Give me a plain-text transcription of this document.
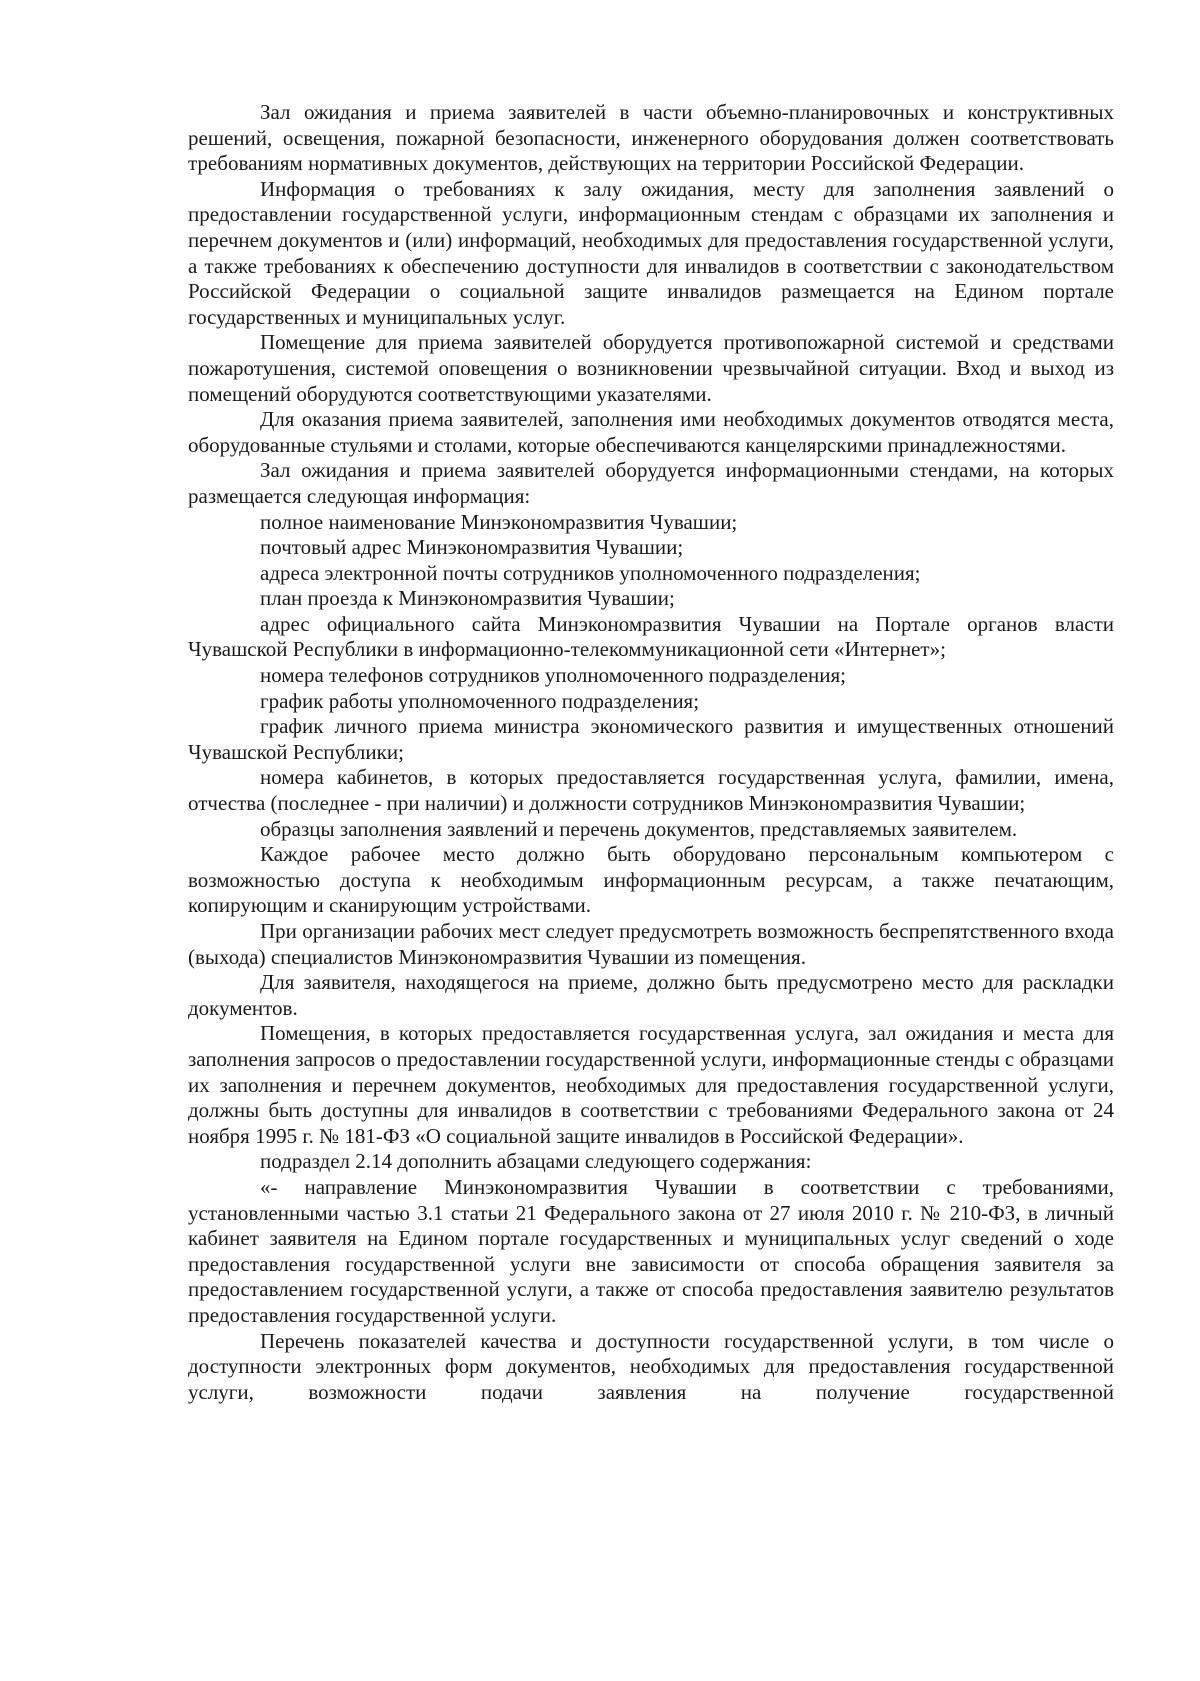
Зал ожидания и приема заявителей в части объемно-планировочных и конструктивных решений, освещения, пожарной безопасности, инженерного оборудования должен соответствовать требованиям нормативных документов, действующих на территории Российской Федерации.

Информация о требованиях к залу ожидания, месту для заполнения заявлений о предоставлении государственной услуги, информационным стендам с образцами их заполнения и перечнем документов и (или) информаций, необходимых для предоставления государственной услуги, а также требованиях к обеспечению доступности для инвалидов в соответствии с законодательством Российской Федерации о социальной защите инвалидов размещается на Едином портале государственных и муниципальных услуг.

Помещение для приема заявителей оборудуется противопожарной системой и средствами пожаротушения, системой оповещения о возникновении чрезвычайной ситуации. Вход и выход из помещений оборудуются соответствующими указателями.

Для оказания приема заявителей, заполнения ими необходимых документов отводятся места, оборудованные стульями и столами, которые обеспечиваются канцелярскими принадлежностями.

Зал ожидания и приема заявителей оборудуется информационными стендами, на которых размещается следующая информация:

полное наименование Минэкономразвития Чувашии;

почтовый адрес Минэкономразвития Чувашии;

адреса электронной почты сотрудников уполномоченного подразделения;

план проезда к Минэкономразвития Чувашии;

адрес официального сайта Минэкономразвития Чувашии на Портале органов власти Чувашской Республики в информационно-телекоммуникационной сети «Интернет»;

номера телефонов сотрудников уполномоченного подразделения;

график работы уполномоченного подразделения;

график личного приема министра экономического развития и имущественных отношений Чувашской Республики;

номера кабинетов, в которых предоставляется государственная услуга, фамилии, имена, отчества (последнее - при наличии) и должности сотрудников Минэкономразвития Чувашии;

образцы заполнения заявлений и перечень документов, представляемых заявителем.

Каждое рабочее место должно быть оборудовано персональным компьютером с возможностью доступа к необходимым информационным ресурсам, а также печатающим, копирующим и сканирующим устройствами.

При организации рабочих мест следует предусмотреть возможность беспрепятственного входа (выхода) специалистов Минэкономразвития Чувашии из помещения.

Для заявителя, находящегося на приеме, должно быть предусмотрено место для раскладки документов.

Помещения, в которых предоставляется государственная услуга, зал ожидания и места для заполнения запросов о предоставлении государственной услуги, информационные стенды с образцами их заполнения и перечнем документов, необходимых для предоставления государственной услуги, должны быть доступны для инвалидов в соответствии с требованиями Федерального закона от 24 ноября 1995 г. № 181-ФЗ «О социальной защите инвалидов в Российской Федерации».

подраздел 2.14 дополнить абзацами следующего содержания:

«- направление Минэкономразвития Чувашии в соответствии с требованиями, установленными частью 3.1 статьи 21 Федерального закона от 27 июля 2010 г. № 210-ФЗ, в личный кабинет заявителя на Едином портале государственных и муниципальных услуг сведений о ходе предоставления государственной услуги вне зависимости от способа обращения заявителя за предоставлением государственной услуги, а также от способа предоставления заявителю результатов предоставления государственной услуги.

Перечень показателей качества и доступности государственной услуги, в том числе о доступности электронных форм документов, необходимых для предоставления государственной услуги, возможности подачи заявления на получение государственной
